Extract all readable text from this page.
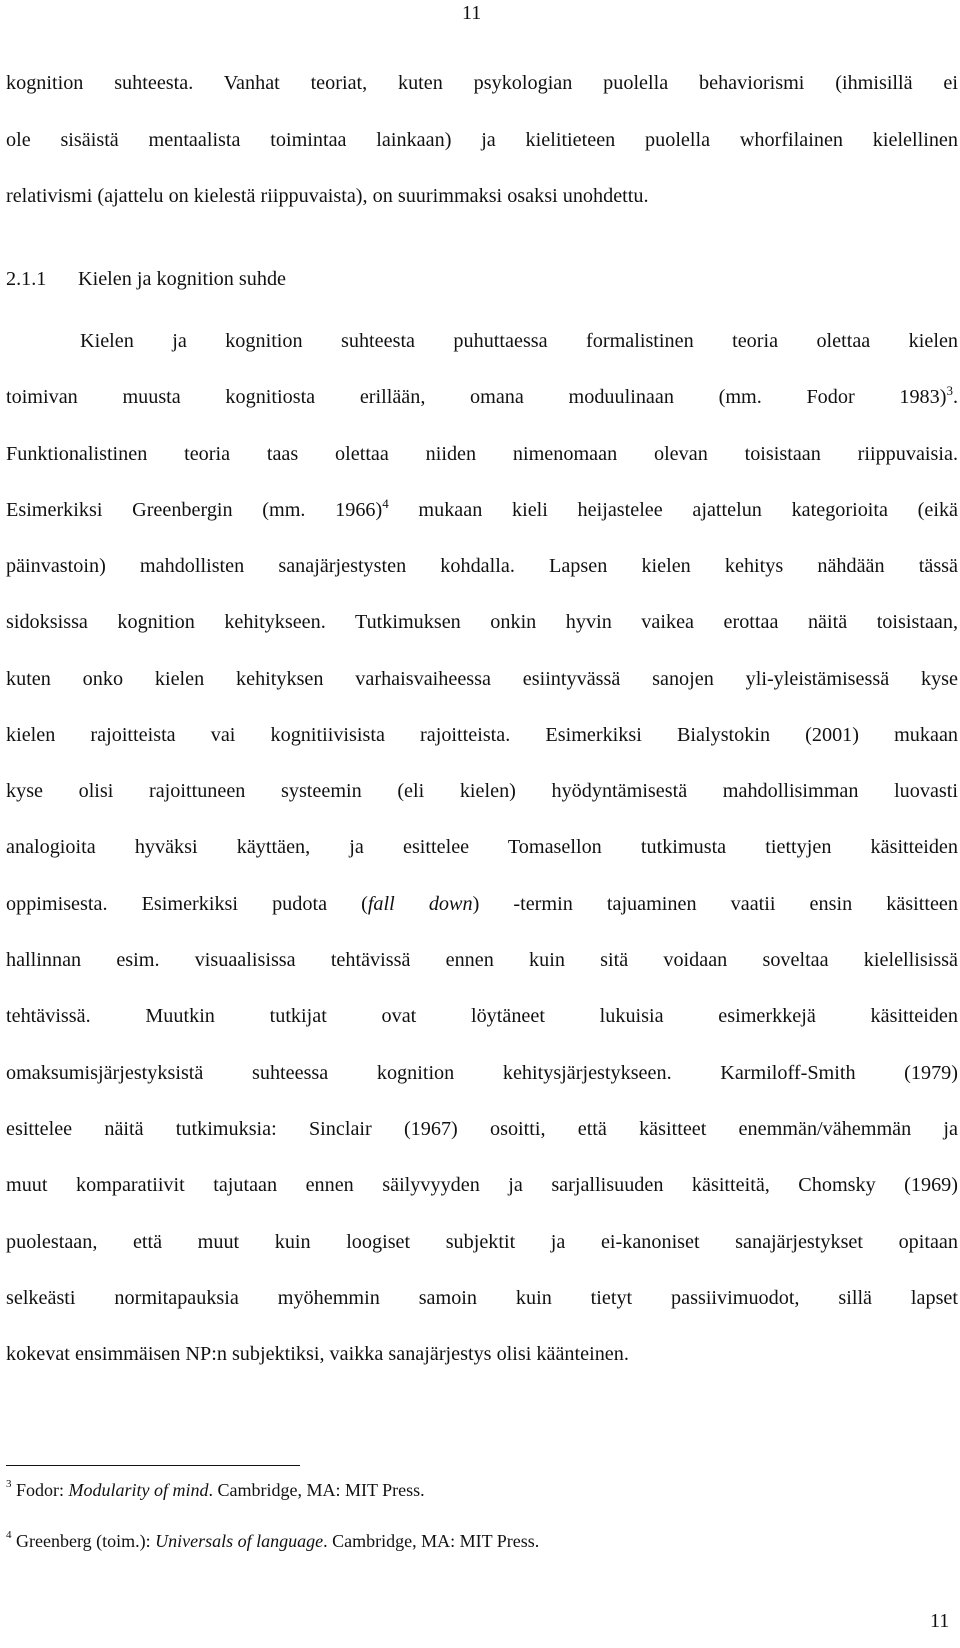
11
kognition suhteesta. Vanhat teoriat, kuten psykologian puolella behaviorismi (ihmisillä ei
ole sisäistä mentaalista toimintaa lainkaan) ja kielitieteen puolella whorfilainen kielellinen
relativismi (ajattelu on kielestä riippuvaista), on suurimmaksi osaksi unohdettu.
2.1.1 Kielen ja kognition suhde
Kielen ja kognition suhteesta puhuttaessa formalistinen teoria olettaa kielen
toimivan muusta kognitiosta erillään, omana moduulinaan (mm. Fodor 1983)$^3$.
Funktionalistinen teoria taas olettaa niiden nimenomaan olevan toisistaan riippuvaisia.
Esimerkiksi Greenbergin (mm. 1966)$^4$ mukaan kieli heijastelee ajattelun kategorioita (eikä
päinvastoin) mahdollisten sanajärjestysten kohdalla. Lapsen kielen kehitys nähdään tässä
sidoksissa kognition kehitykseen. Tutkimuksen onkin hyvin vaikea erottaa näitä toisistaan,
kuten onko kielen kehityksen varhaisvaiheessa esiintyvässä sanojen yli-yleistämisessä kyse
kielen rajoitteista vai kognitiivisista rajoitteista. Esimerkiksi Bialystokin (2001) mukaan
kyse olisi rajoittuneen systeemin (eli kielen) hyödyntämisestä mahdollisimman luovasti
analogioita hyväksi käyttäen, ja esittelee Tomasellon tutkimusta tiettyjen käsitteiden
oppimisesta. Esimerkiksi pudota (fall down) -termin tajuaminen vaatii ensin käsitteen
hallinnan esim. visuaalisissa tehtävissä ennen kuin sitä voidaan soveltaa kielellisissä
tehtävissä. Muutkin tutkijat ovat löytäneet lukuisia esimerkkejä käsitteiden
omaksumisjärjestyksistä suhteessa kognition kehitysjärjestykseen. Karmiloff-Smith (1979)
esittelee näitä tutkimuksia: Sinclair (1967) osoitti, että käsitteet enemmän/vähemmän ja
muut komparatiivit tajutaan ennen säilyvyyden ja sarjallisuuden käsitteitä, Chomsky (1969)
puolestaan, että muut kuin loogiset subjektit ja ei-kanoniset sanajärjestykset opitaan
selkeästi normitapauksia myöhemmin samoin kuin tietyt passiivimuodot, sillä lapset
kokevat ensimmäisen NP:n subjektiksi, vaikka sanajärjestys olisi käänteinen.
$^3$ Fodor: Modularity of mind. Cambridge, MA: MIT Press.
$^4$ Greenberg (toim.): Universals of language. Cambridge, MA: MIT Press.
11
